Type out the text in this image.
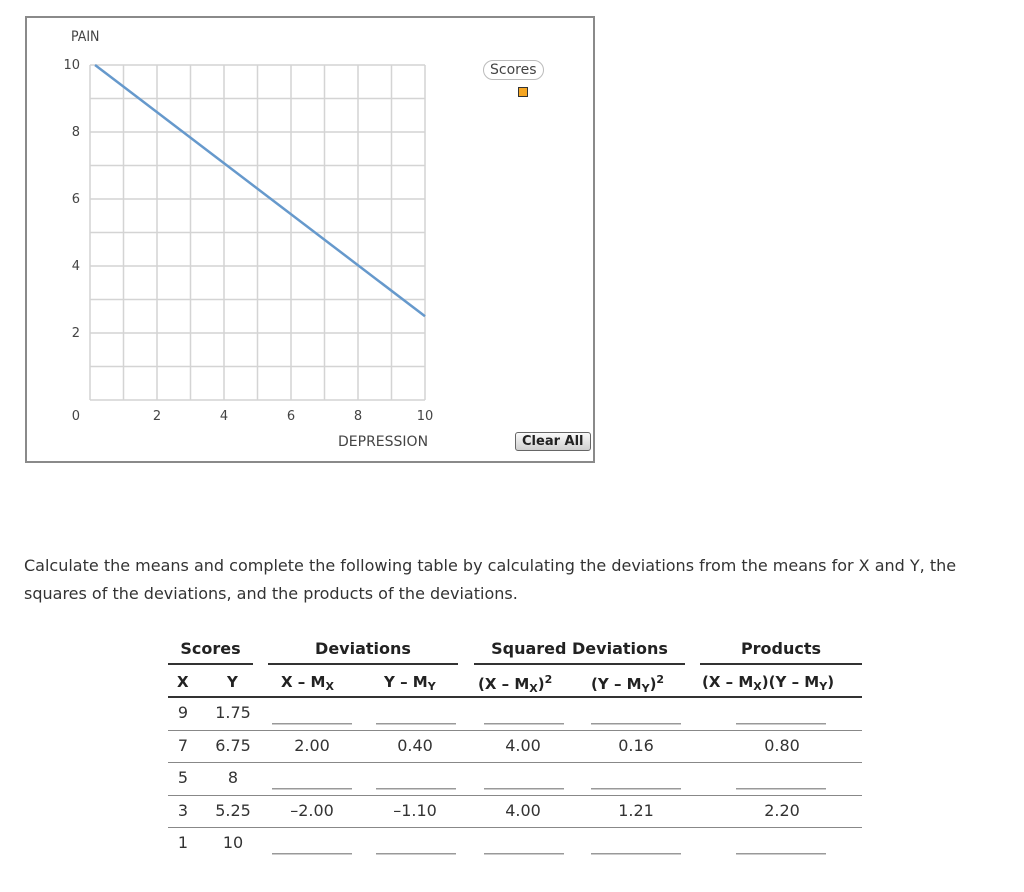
PAIN
10
8
6
4
2
0	2	4	6	8	10
DEPRESSION
Scores
Clear All
Calculate the means and complete the following table by calculating the deviations from the means for X and Y, the squares of the deviations, and the products of the deviations.
Scores	Deviations	Squared Deviations	Products
X	Y	X – $M_X$	Y – $M_Y$	$(X - M_X)^2$	$(Y - M_Y)^2$	$(X - M_X)(Y - M_Y)$
9	1.75
7	6.75	2.00	0.40	4.00	0.16	0.80
5	8
3	5.25	–2.00	–1.10	4.00	1.21	2.20
1	10
